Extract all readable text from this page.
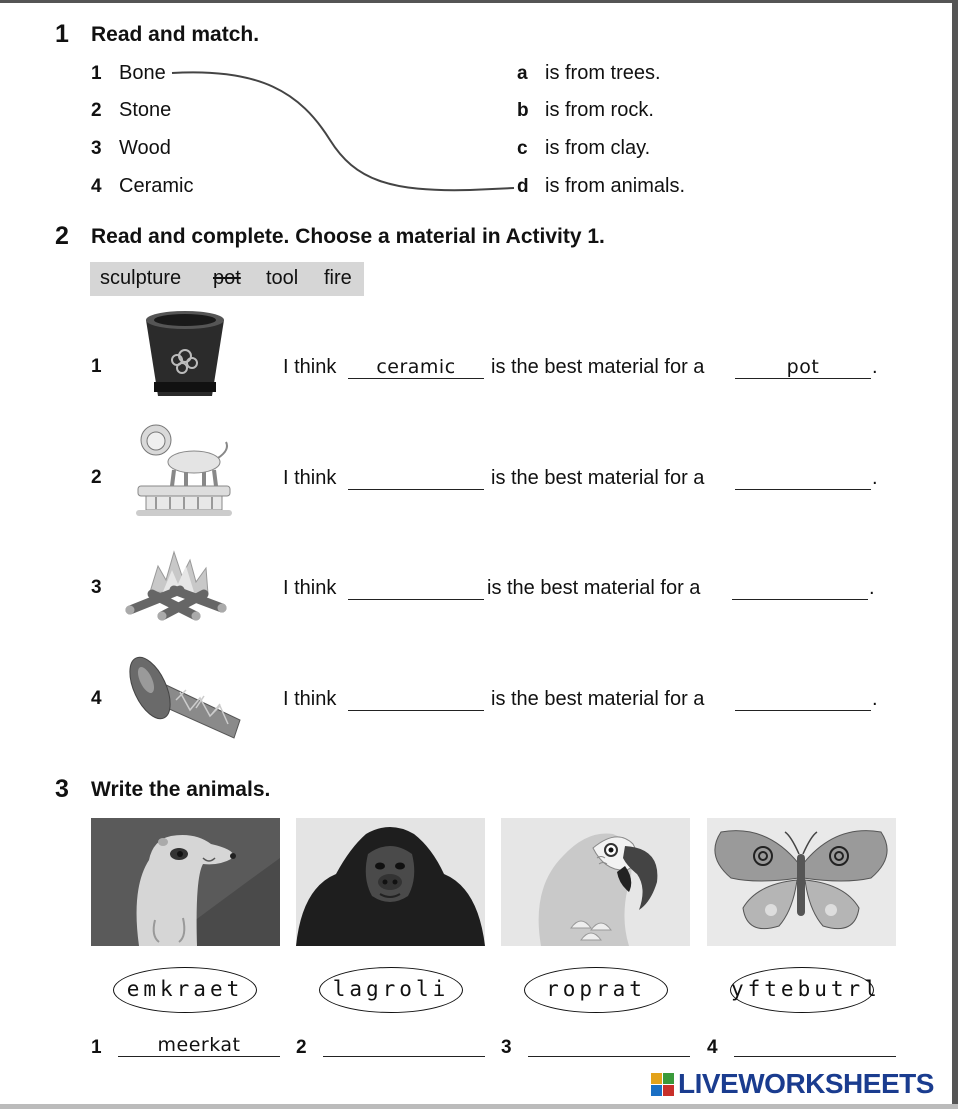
1 Read and match.
1 Bone
2 Stone
3 Wood
4 Ceramic
a is from trees.
b is from rock.
c is from clay.
d is from animals.
2 Read and complete. Choose a material in Activity 1.
sculpture pot tool fire
1	I think	ceramic	is the best material for a	pot	.
2	I think	is the best material for a	.
3	I think	is the best material for a	.
4	I think	is the best material for a	.
3 Write the animals.
emkraet	lagroli	roprat	yftebutrl
1	meerkat	2	3	4
LIVEWORKSHEETS
